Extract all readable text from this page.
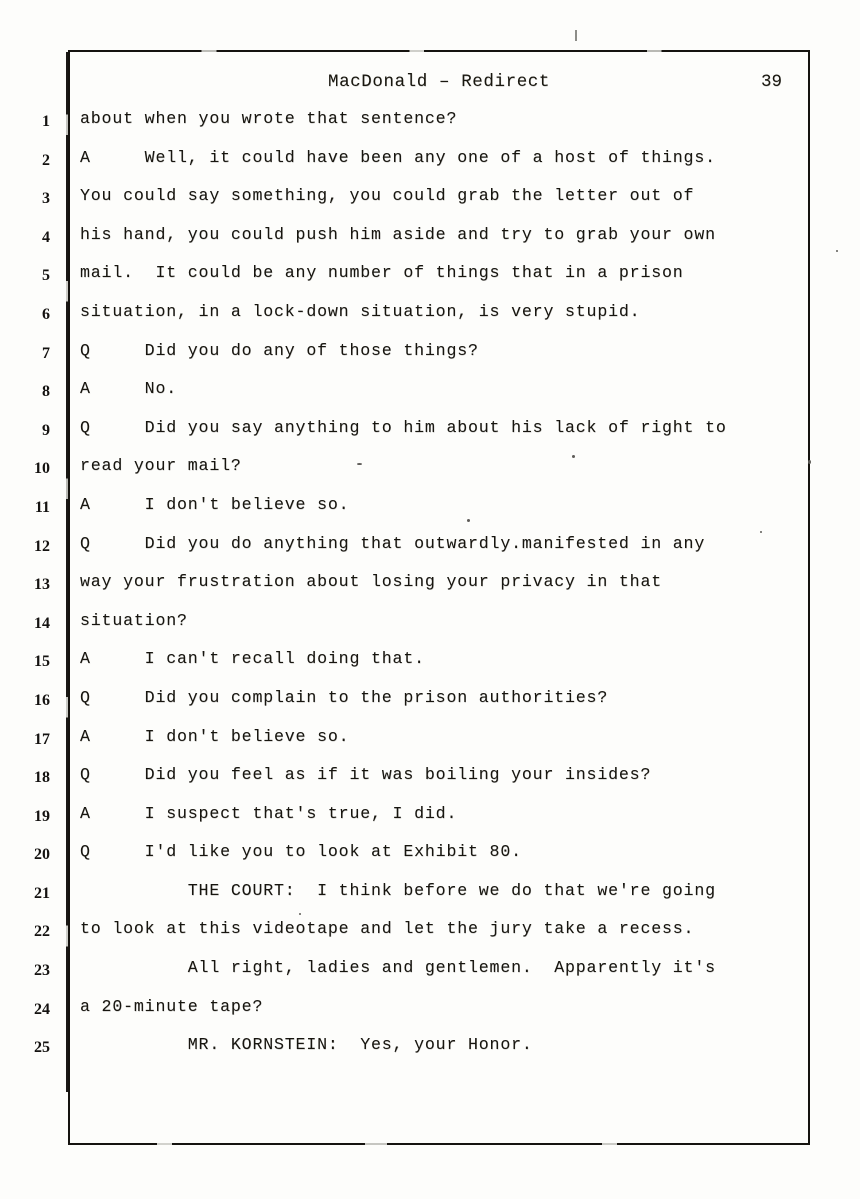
MacDonald – Redirect	39
1 about when you wrote that sentence?
2 A     Well, it could have been any one of a host of things.
3 You could say something, you could grab the letter out of
4 his hand, you could push him aside and try to grab your own
5 mail.  It could be any number of things that in a prison
6 situation, in a lock-down situation, is very stupid.
7 Q     Did you do any of those things?
8 A     No.
9 Q     Did you say anything to him about his lack of right to
10 read your mail?
11 A     I don't believe so.
12 Q     Did you do anything that outwardly.manifested in any
13 way your frustration about losing your privacy in that
14 situation?
15 A     I can't recall doing that.
16 Q     Did you complain to the prison authorities?
17 A     I don't believe so.
18 Q     Did you feel as if it was boiling your insides?
19 A     I suspect that's true, I did.
20 Q     I'd like you to look at Exhibit 80.
21 THE COURT:  I think before we do that we're going
22 to look at this videotape and let the jury take a recess.
23 All right, ladies and gentlemen.  Apparently it's
24 a 20-minute tape?
25 MR. KORNSTEIN:  Yes, your Honor.
